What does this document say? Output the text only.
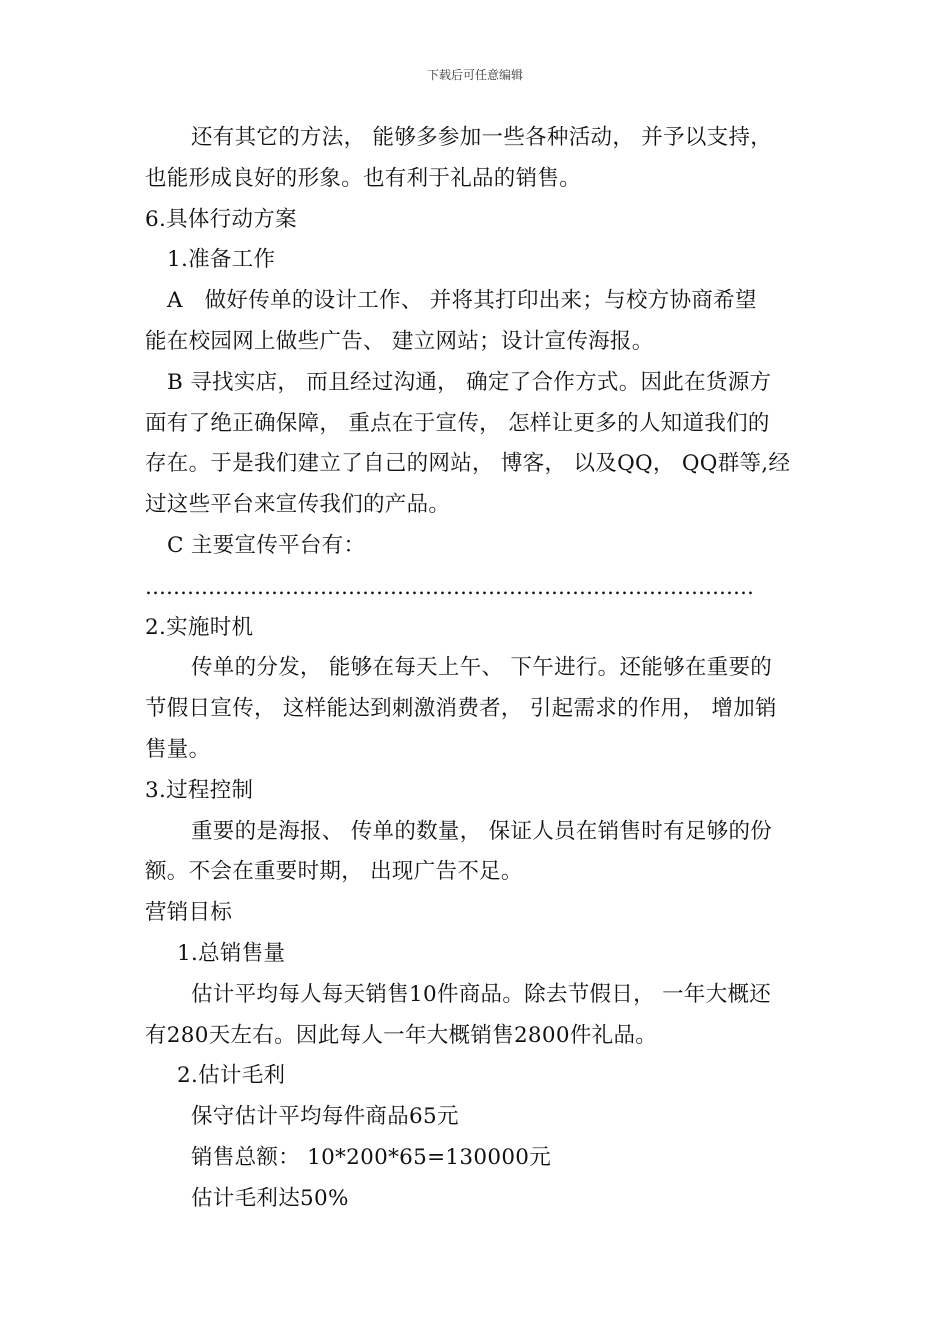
下载后可任意编辑
还有其它的方法， 能够多参加一些各种活动， 并予以支持，
也能形成良好的形象。也有利于礼品的销售。
6.具体行动方案
1.准备工作
A　做好传单的设计工作、 并将其打印出来；与校方协商希望
能在校园网上做些广告、 建立网站；设计宣传海报。
B 寻找实店， 而且经过沟通， 确定了合作方式。因此在货源方
面有了绝正确保障， 重点在于宣传， 怎样让更多的人知道我们的
存在。于是我们建立了自己的网站， 博客， 以及QQ， QQ群等,经
过这些平台来宣传我们的产品。
C 主要宣传平台有：
……………………………………………………………………………
2.实施时机
传单的分发， 能够在每天上午、 下午进行。还能够在重要的
节假日宣传， 这样能达到刺激消费者， 引起需求的作用， 增加销
售量。
3.过程控制
重要的是海报、 传单的数量， 保证人员在销售时有足够的份
额。不会在重要时期， 出现广告不足。
营销目标
1.总销售量
估计平均每人每天销售10件商品。除去节假日， 一年大概还
有280天左右。因此每人一年大概销售2800件礼品。
2.估计毛利
保守估计平均每件商品65元
销售总额： 10*200*65=130000元
估计毛利达50%
